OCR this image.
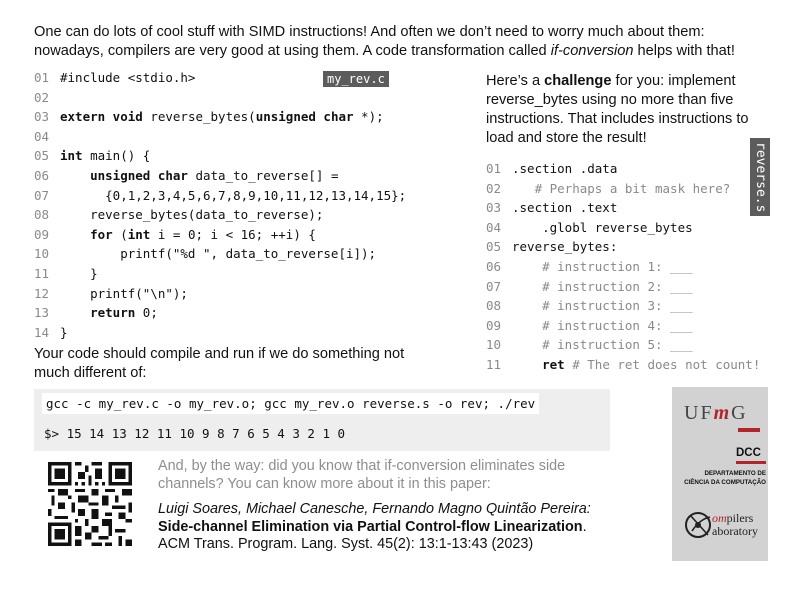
One can do lots of cool stuff with SIMD instructions! And often we don’t need to worry much about them: nowadays, compilers are very good at using them. A code transformation called if-conversion helps with that!
01 #include <stdio.h>
02
03 extern void reverse_bytes(unsigned char *);
04
05 int main() {
06	unsigned char data_to_reverse[] =
07      {0,1,2,3,4,5,6,7,8,9,10,11,12,13,14,15};
08    reverse_bytes(data_to_reverse);
09	for (int i = 0; i < 16; ++i) {
10        printf("%d ", data_to_reverse[i]);
11    }
12    printf("\n");
13	return 0;
14 }
my_rev.c	Here’s a challenge for you: implement reverse_bytes using no more than five instructions. That includes instructions to load and store the result!
01 .section .data
02   # Perhaps a bit mask here?
03 .section .text
04    .globl reverse_bytes
05 reverse_bytes:
06    # instruction 1: ___
07    # instruction 2: ___
08    # instruction 3: ___
09    # instruction 4: ___
10    # instruction 5: ___
11	ret # The ret does not count!
reverse.s
Your code should compile and run if we do something not much different of:
gcc -c my_rev.c -o my_rev.o; gcc my_rev.o reverse.s -o rev; ./rev
$> 15 14 13 12 11 10 9 8 7 6 5 4 3 2 1 0
And, by the way: did you know that if-conversion eliminates side channels? You can know more about it in this paper:
Luigi Soares, Michael Canesche, Fernando Magno Quintão Pereira:
Side-channel Elimination via Partial Control-flow Linearization.
ACM Trans. Program. Lang. Syst. 45(2): 13:1-13:43 (2023)
UFmG
DCC
DEPARTAMENTO DE
CIÊNCIA DA COMPUTAÇÃO
ompilers
aboratory
